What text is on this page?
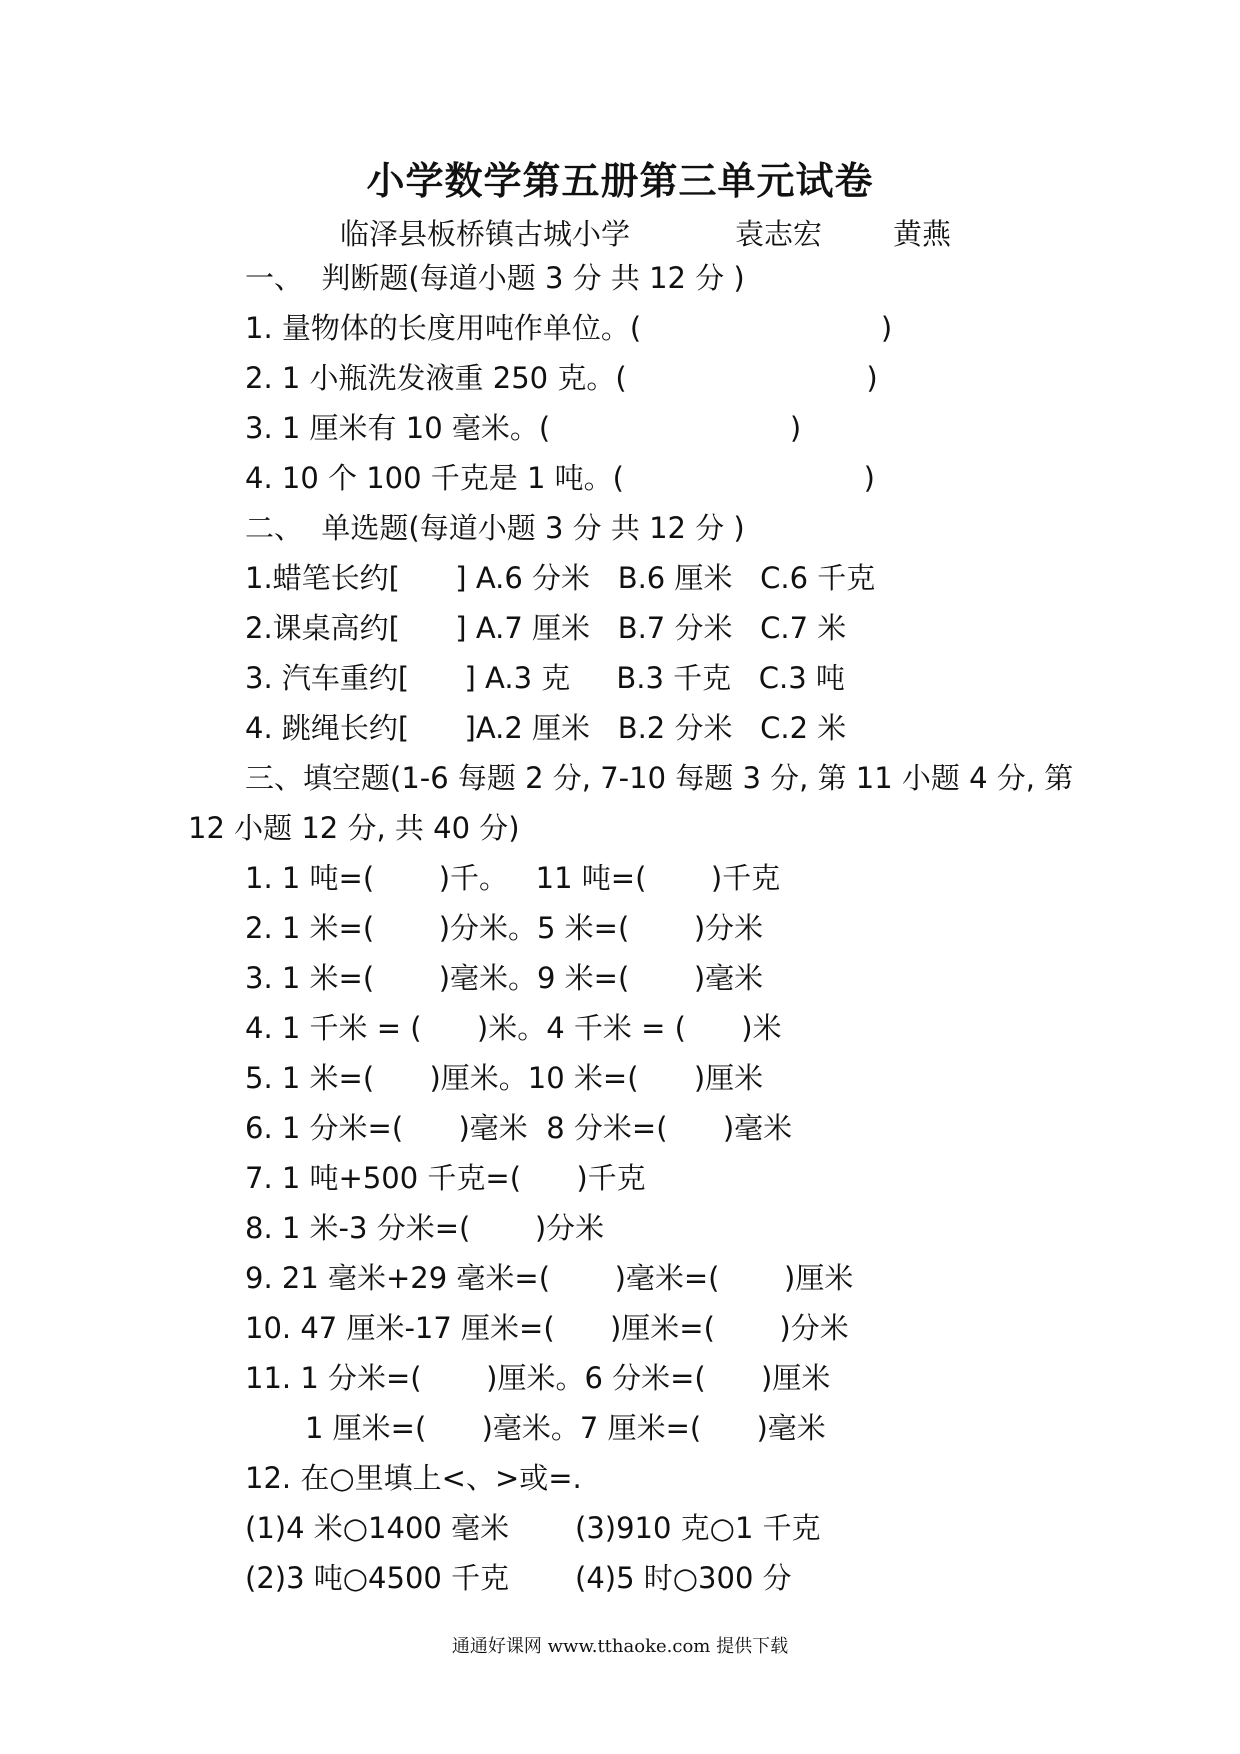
小学数学第五册第三单元试卷
临泽县板桥镇古城小学	袁志宏 黄燕
一、  判断题(每道小题 3 分 共 12 分 )
1. 量物体的长度用吨作单位。(                          )
2. 1 小瓶洗发液重 250 克。(                          )
3. 1 厘米有 10 毫米。(                          )
4. 10 个 100 千克是 1 吨。(                          )
二、  单选题(每道小题 3 分 共 12 分 )
1.蜡笔长约[      ] A.6 分米   B.6 厘米   C.6 千克
2.课桌高约[      ] A.7 厘米   B.7 分米   C.7 米
3. 汽车重约[      ] A.3 克     B.3 千克   C.3 吨
4. 跳绳长约[      ]A.2 厘米   B.2 分米   C.2 米
三、填空题(1-6 每题 2 分, 7-10 每题 3 分, 第 11 小题 4 分, 第
12 小题 12 分, 共 40 分)
1. 1 吨=(       )千。   11 吨=(       )千克
2. 1 米=(       )分米。5 米=(       )分米
3. 1 米=(       )毫米。9 米=(       )毫米
4. 1 千米 = (      )米。4 千米 = (      )米
5. 1 米=(      )厘米。10 米=(      )厘米
6. 1 分米=(      )毫米  8 分米=(      )毫米
7. 1 吨+500 千克=(      )千克
8. 1 米-3 分米=(       )分米
9. 21 毫米+29 毫米=(       )毫米=(       )厘米
10. 47 厘米-17 厘米=(      )厘米=(       )分米
11. 1 分米=(       )厘米。6 分米=(      )厘米
1 厘米=(      )毫米。7 厘米=(      )毫米
12. 在○里填上<、>或=.
(1)4 米○1400 毫米 (3)910 克○1 千克
(2)3 吨○4500 千克 (4)5 时○300 分
通通好课网 www.tthaoke.com 提供下载
